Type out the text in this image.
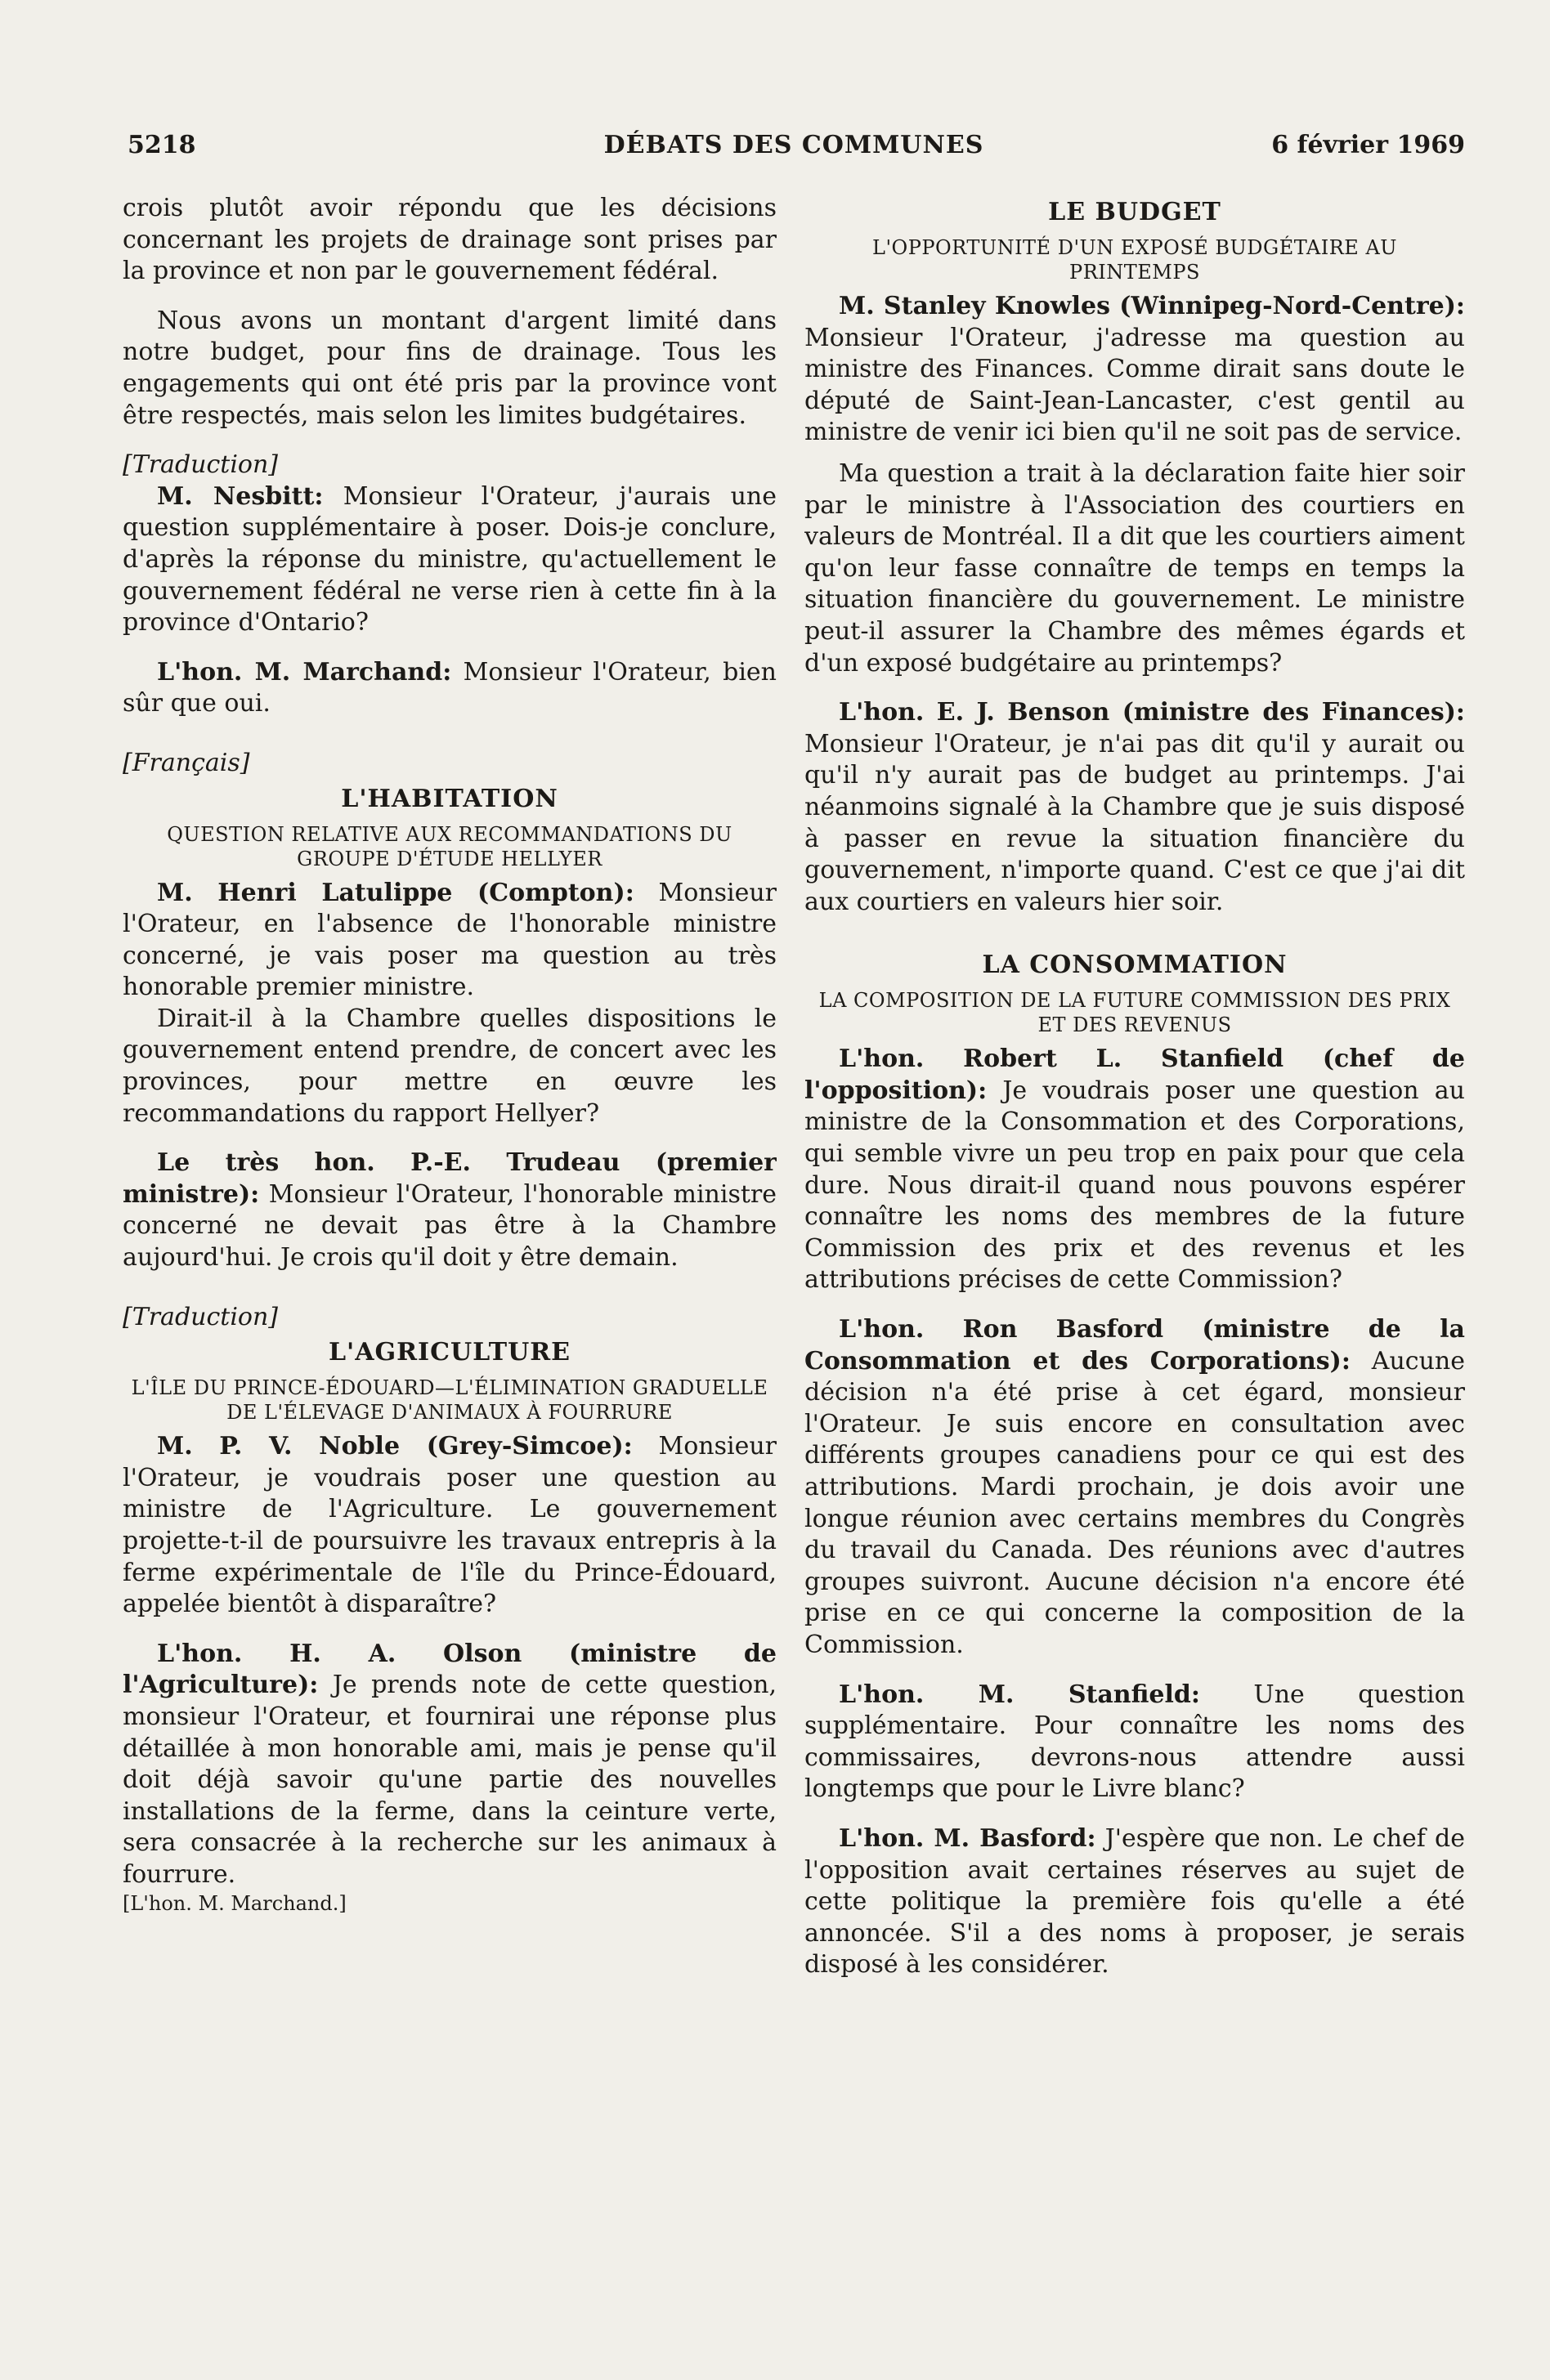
5218	DÉBATS DES COMMUNES	6 février 1969

crois plutôt avoir répondu que les décisions concernant les projets de drainage sont prises par la province et non par le gouvernement fédéral.

Nous avons un montant d'argent limité dans notre budget, pour fins de drainage. Tous les engagements qui ont été pris par la province vont être respectés, mais selon les limites budgétaires.

[Traduction]

M. Nesbitt: Monsieur l'Orateur, j'aurais une question supplémentaire à poser. Dois-je conclure, d'après la réponse du ministre, qu'actuellement le gouvernement fédéral ne verse rien à cette fin à la province d'Ontario?

L'hon. M. Marchand: Monsieur l'Orateur, bien sûr que oui.

[Français]

L'HABITATION
QUESTION RELATIVE AUX RECOMMANDATIONS DU GROUPE D'ÉTUDE HELLYER

M. Henri Latulippe (Compton): Monsieur l'Orateur, en l'absence de l'honorable ministre concerné, je vais poser ma question au très honorable premier ministre.

Dirait-il à la Chambre quelles dispositions le gouvernement entend prendre, de concert avec les provinces, pour mettre en œuvre les recommandations du rapport Hellyer?

Le très hon. P.-E. Trudeau (premier ministre): Monsieur l'Orateur, l'honorable ministre concerné ne devait pas être à la Chambre aujourd'hui. Je crois qu'il doit y être demain.

[Traduction]

L'AGRICULTURE
L'ÎLE DU PRINCE-ÉDOUARD—L'ÉLIMINATION GRADUELLE DE L'ÉLEVAGE D'ANIMAUX À FOURRURE

M. P. V. Noble (Grey-Simcoe): Monsieur l'Orateur, je voudrais poser une question au ministre de l'Agriculture. Le gouvernement projette-t-il de poursuivre les travaux entrepris à la ferme expérimentale de l'île du Prince-Édouard, appelée bientôt à disparaître?

L'hon. H. A. Olson (ministre de l'Agriculture): Je prends note de cette question, monsieur l'Orateur, et fournirai une réponse plus détaillée à mon honorable ami, mais je pense qu'il doit déjà savoir qu'une partie des nouvelles installations de la ferme, dans la ceinture verte, sera consacrée à la recherche sur les animaux à fourrure.

[L'hon. M. Marchand.]

LE BUDGET
L'OPPORTUNITÉ D'UN EXPOSÉ BUDGÉTAIRE AU PRINTEMPS

M. Stanley Knowles (Winnipeg-Nord-Centre): Monsieur l'Orateur, j'adresse ma question au ministre des Finances. Comme dirait sans doute le député de Saint-Jean-Lancaster, c'est gentil au ministre de venir ici bien qu'il ne soit pas de service.

Ma question a trait à la déclaration faite hier soir par le ministre à l'Association des courtiers en valeurs de Montréal. Il a dit que les courtiers aiment qu'on leur fasse connaître de temps en temps la situation financière du gouvernement. Le ministre peut-il assurer la Chambre des mêmes égards et d'un exposé budgétaire au printemps?

L'hon. E. J. Benson (ministre des Finances): Monsieur l'Orateur, je n'ai pas dit qu'il y aurait ou qu'il n'y aurait pas de budget au printemps. J'ai néanmoins signalé à la Chambre que je suis disposé à passer en revue la situation financière du gouvernement, n'importe quand. C'est ce que j'ai dit aux courtiers en valeurs hier soir.

LA CONSOMMATION
LA COMPOSITION DE LA FUTURE COMMISSION DES PRIX ET DES REVENUS

L'hon. Robert L. Stanfield (chef de l'opposition): Je voudrais poser une question au ministre de la Consommation et des Corporations, qui semble vivre un peu trop en paix pour que cela dure. Nous dirait-il quand nous pouvons espérer connaître les noms des membres de la future Commission des prix et des revenus et les attributions précises de cette Commission?

L'hon. Ron Basford (ministre de la Consommation et des Corporations): Aucune décision n'a été prise à cet égard, monsieur l'Orateur. Je suis encore en consultation avec différents groupes canadiens pour ce qui est des attributions. Mardi prochain, je dois avoir une longue réunion avec certains membres du Congrès du travail du Canada. Des réunions avec d'autres groupes suivront. Aucune décision n'a encore été prise en ce qui concerne la composition de la Commission.

L'hon. M. Stanfield: Une question supplémentaire. Pour connaître les noms des commissaires, devrons-nous attendre aussi longtemps que pour le Livre blanc?

L'hon. M. Basford: J'espère que non. Le chef de l'opposition avait certaines réserves au sujet de cette politique la première fois qu'elle a été annoncée. S'il a des noms à proposer, je serais disposé à les considérer.
